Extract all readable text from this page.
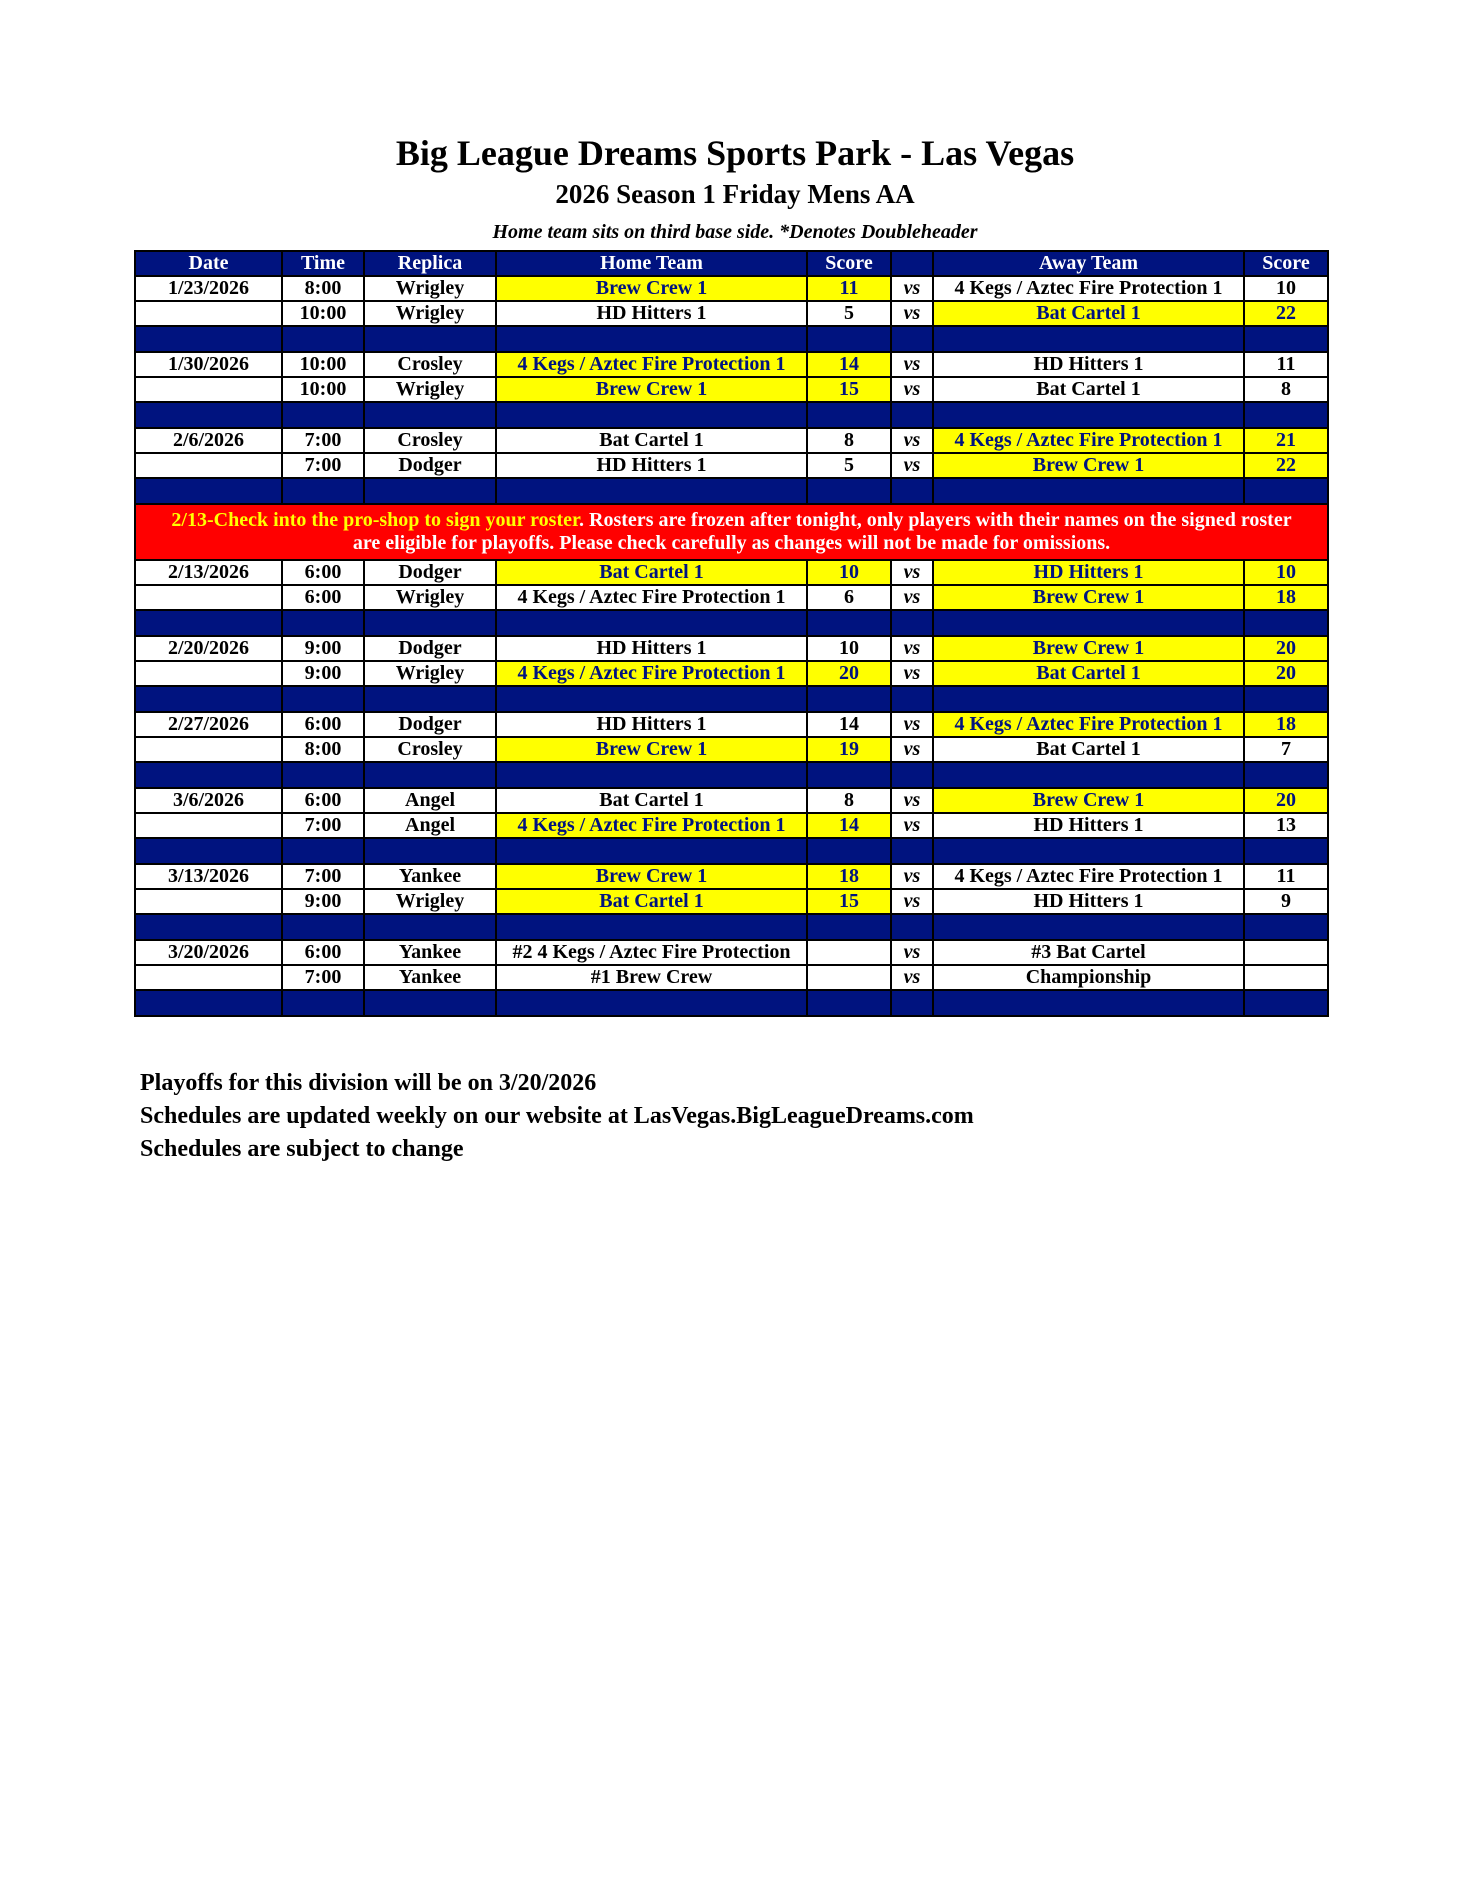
Big League Dreams Sports Park - Las Vegas
2026 Season 1 Friday Mens AA
Home team sits on third base side. *Denotes Doubleheader
Date	Time	Replica	Home Team	Score		Away Team	Score
1/23/2026	8:00	Wrigley	Brew Crew 1	11	vs	4 Kegs / Aztec Fire Protection 1	10
	10:00	Wrigley	HD Hitters 1	5	vs	Bat Cartel 1	22

1/30/2026	10:00	Crosley	4 Kegs / Aztec Fire Protection 1	14	vs	HD Hitters 1	11
	10:00	Wrigley	Brew Crew 1	15	vs	Bat Cartel 1	8

2/6/2026	7:00	Crosley	Bat Cartel 1	8	vs	4 Kegs / Aztec Fire Protection 1	21
	7:00	Dodger	HD Hitters 1	5	vs	Brew Crew 1	22

2/13-Check into the pro-shop to sign your roster. Rosters are frozen after tonight, only players with their names on the signed roster are eligible for playoffs. Please check carefully as changes will not be made for omissions.							
2/13/2026	6:00	Dodger	Bat Cartel 1	10	vs	HD Hitters 1	10
	6:00	Wrigley	4 Kegs / Aztec Fire Protection 1	6	vs	Brew Crew 1	18

2/20/2026	9:00	Dodger	HD Hitters 1	10	vs	Brew Crew 1	20
	9:00	Wrigley	4 Kegs / Aztec Fire Protection 1	20	vs	Bat Cartel 1	20

2/27/2026	6:00	Dodger	HD Hitters 1	14	vs	4 Kegs / Aztec Fire Protection 1	18
	8:00	Crosley	Brew Crew 1	19	vs	Bat Cartel 1	7

3/6/2026	6:00	Angel	Bat Cartel 1	8	vs	Brew Crew 1	20
	7:00	Angel	4 Kegs / Aztec Fire Protection 1	14	vs	HD Hitters 1	13

3/13/2026	7:00	Yankee	Brew Crew 1	18	vs	4 Kegs / Aztec Fire Protection 1	11
	9:00	Wrigley	Bat Cartel 1	15	vs	HD Hitters 1	9

3/20/2026	6:00	Yankee	#2 4 Kegs / Aztec Fire Protection		vs	#3 Bat Cartel	
	7:00	Yankee	#1 Brew Crew		vs	Championship	

Playoffs for this division will be on 3/20/2026
Schedules are updated weekly on our website at LasVegas.BigLeagueDreams.com
Schedules are subject to change
